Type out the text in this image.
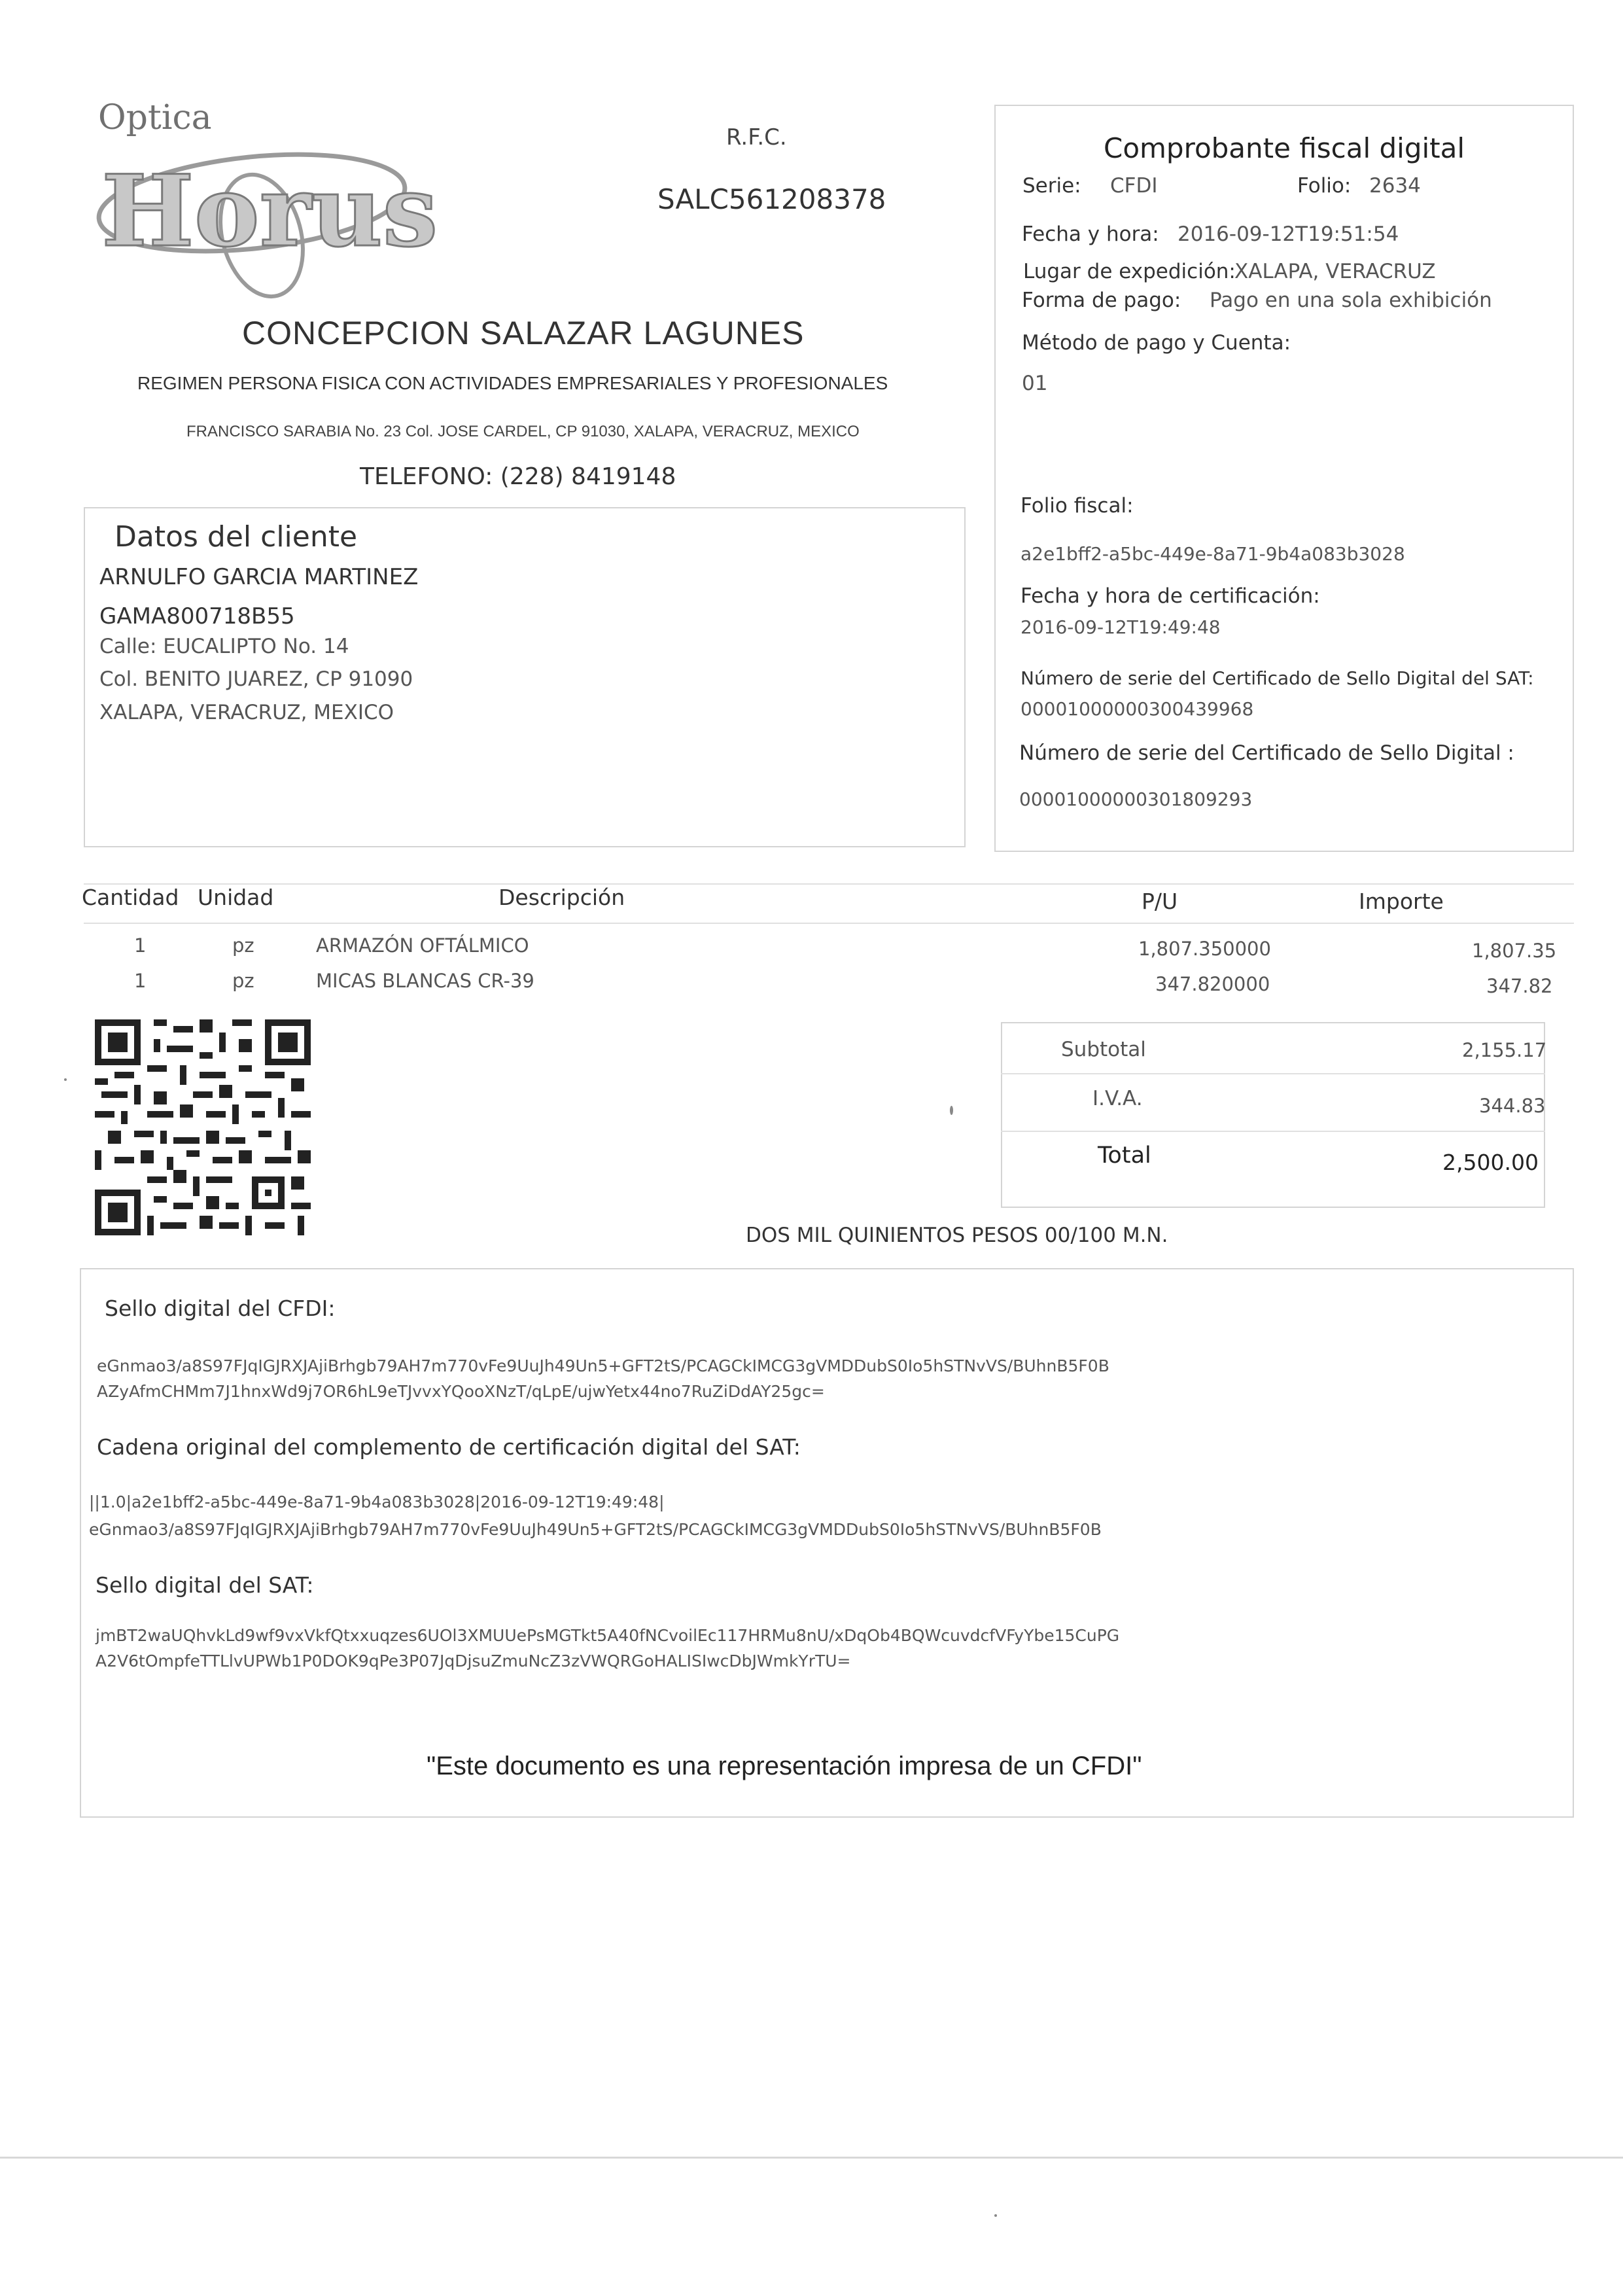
Optica
Horus
R.F.C.
SALC561208378
CONCEPCION SALAZAR LAGUNES
REGIMEN PERSONA FISICA CON ACTIVIDADES EMPRESARIALES Y PROFESIONALES
FRANCISCO SARABIA No. 23 Col. JOSE CARDEL, CP 91030, XALAPA, VERACRUZ, MEXICO
TELEFONO: (228) 8419148
Datos del cliente
ARNULFO GARCIA MARTINEZ
GAMA800718B55
Calle: EUCALIPTO No. 14
Col. BENITO JUAREZ, CP 91090
XALAPA, VERACRUZ, MEXICO
Comprobante fiscal digital
Serie: CFDI	Folio: 2634
Fecha y hora: 2016-09-12T19:51:54
Lugar de expedición:
XALAPA, VERACRUZ
Forma de pago: Pago en una sola exhibición
Método de pago y Cuenta:
01
Folio fiscal:
a2e1bff2-a5bc-449e-8a71-9b4a083b3028
Fecha y hora de certificación:
2016-09-12T19:49:48
Número de serie del Certificado de Sello Digital del SAT:
00001000000300439968
Número de serie del Certificado de Sello Digital :
00001000000301809293
Cantidad Unidad	Descripción	P/U	Importe
1	pz	ARMAZÓN OFTÁLMICO	1,807.350000	1,807.35
1	pz	MICAS BLANCAS CR-39	347.820000	347.82
Subtotal	2,155.17
I.V.A.	344.83
Total	2,500.00
DOS MIL QUINIENTOS PESOS 00/100 M.N.
Sello digital del CFDI:
eGnmao3/a8S97FJqIGJRXJAjiBrhgb79AH7m770vFe9UuJh49Un5+GFT2tS/PCAGCkIMCG3gVMDDubS0Io5hSTNvVS/BUhnB5F0B
AZyAfmCHMm7J1hnxWd9j7OR6hL9eTJvvxYQooXNzT/qLpE/ujwYetx44no7RuZiDdAY25gc=
Cadena original del complemento de certificación digital del SAT:
||1.0|a2e1bff2-a5bc-449e-8a71-9b4a083b3028|2016-09-12T19:49:48|
eGnmao3/a8S97FJqIGJRXJAjiBrhgb79AH7m770vFe9UuJh49Un5+GFT2tS/PCAGCkIMCG3gVMDDubS0Io5hSTNvVS/BUhnB5F0B
Sello digital del SAT:
jmBT2waUQhvkLd9wf9vxVkfQtxxuqzes6UOl3XMUUePsMGTkt5A40fNCvoilEc117HRMu8nU/xDqOb4BQWcuvdcfVFyYbe15CuPG
A2V6tOmpfeTTLlvUPWb1P0DOK9qPe3P07JqDjsuZmuNcZ3zVWQRGoHALISIwcDbJWmkYrTU=
"Este documento es una representación impresa de un CFDI"
